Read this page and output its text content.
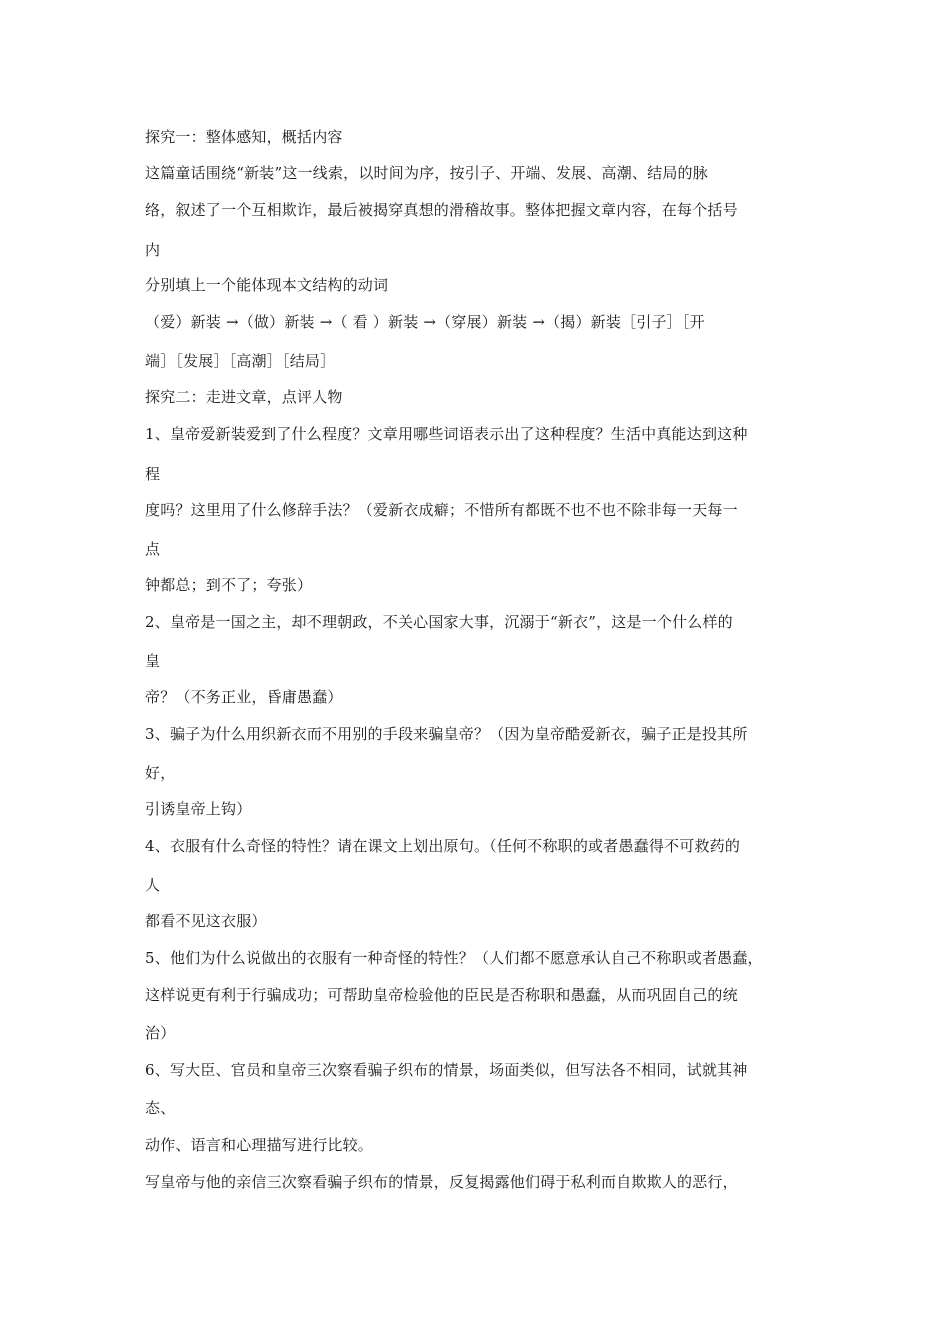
探究一：整体感知，概括内容
这篇童话围绕“新装”这一线索，以时间为序，按引子、开端、发展、高潮、结局的脉
络，叙述了一个互相欺诈，最后被揭穿真想的滑稽故事。整体把握文章内容，在每个括号
内
分别填上一个能体现本文结构的动词
（爱）新装 →（做）新装 →（ 看 ）新装 →（穿展）新装 →（揭）新装［引子］［开
端］［发展］［高潮］［结局］
探究二：走进文章，点评人物
1、皇帝爱新装爱到了什么程度？文章用哪些词语表示出了这种程度？生活中真能达到这种
程
度吗？这里用了什么修辞手法？（爱新衣成癖；不惜所有都既不也不也不除非每一天每一
点
钟都总；到不了；夸张）
2、皇帝是一国之主，却不理朝政，不关心国家大事，沉溺于“新衣”，这是一个什么样的
皇
帝？（不务正业，昏庸愚蠢）
3、骗子为什么用织新衣而不用别的手段来骗皇帝？（因为皇帝酷爱新衣，骗子正是投其所
好，
引诱皇帝上钩）
4、衣服有什么奇怪的特性？请在课文上划出原句。（任何不称职的或者愚蠢得不可救药的
人
都看不见这衣服）
5、他们为什么说做出的衣服有一种奇怪的特性？（人们都不愿意承认自己不称职或者愚蠢，
这样说更有利于行骗成功；可帮助皇帝检验他的臣民是否称职和愚蠢，从而巩固自己的统
治）
6、写大臣、官员和皇帝三次察看骗子织布的情景，场面类似，但写法各不相同，试就其神
态、
动作、语言和心理描写进行比较。
写皇帝与他的亲信三次察看骗子织布的情景，反复揭露他们碍于私利而自欺欺人的恶行，
